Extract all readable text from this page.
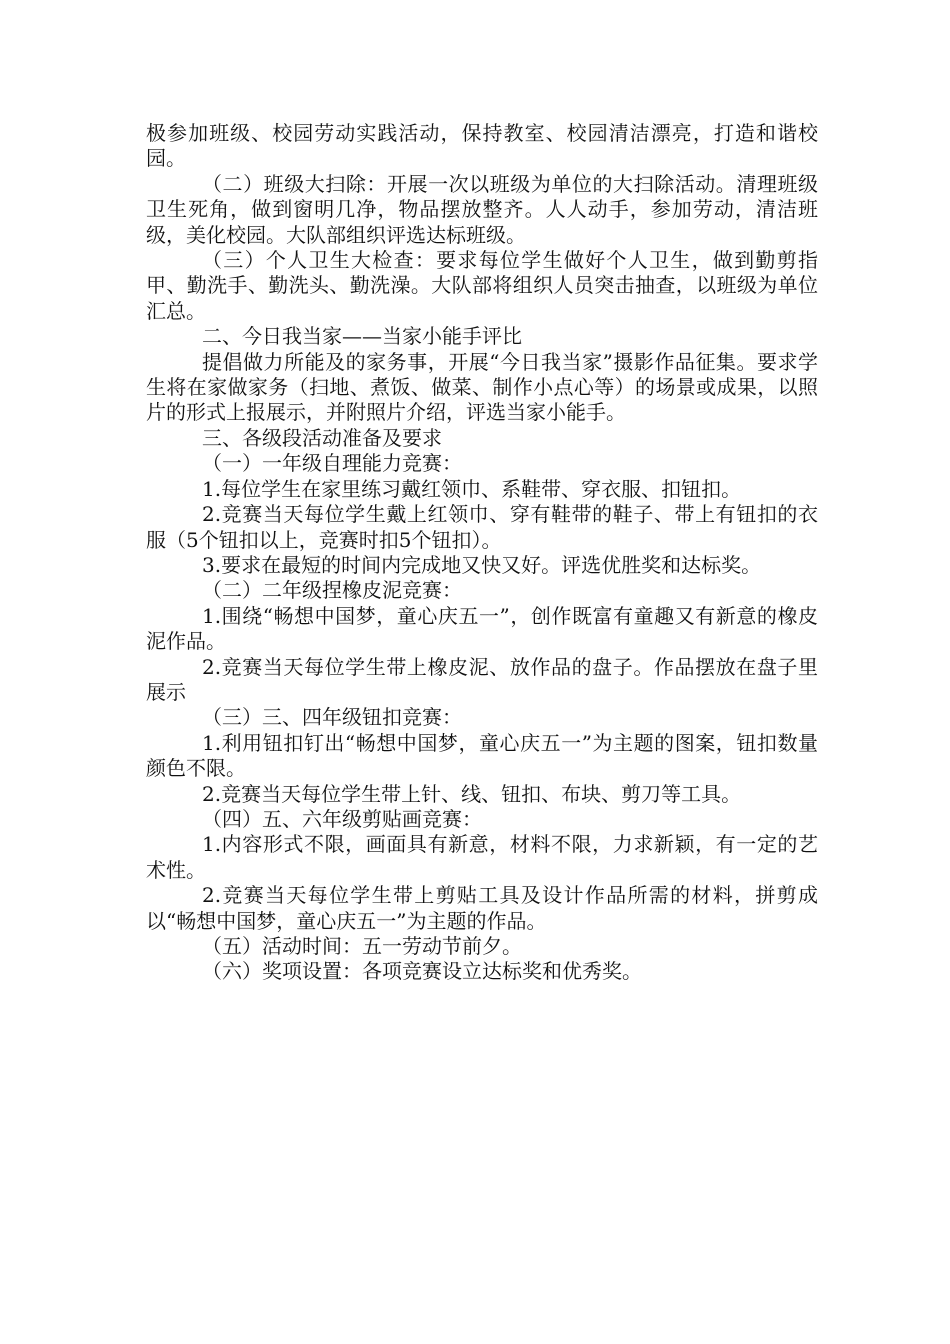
极参加班级、校园劳动实践活动，保持教室、校园清洁漂亮，打造和谐校园。

（二）班级大扫除：开展一次以班级为单位的大扫除活动。清理班级卫生死角，做到窗明几净，物品摆放整齐。人人动手，参加劳动，清洁班级，美化校园。大队部组织评选达标班级。

（三）个人卫生大检查：要求每位学生做好个人卫生，做到勤剪指甲、勤洗手、勤洗头、勤洗澡。大队部将组织人员突击抽查，以班级为单位汇总。

二、今日我当家——当家小能手评比

提倡做力所能及的家务事，开展“今日我当家”摄影作品征集。要求学生将在家做家务（扫地、煮饭、做菜、制作小点心等）的场景或成果，以照片的形式上报展示，并附照片介绍，评选当家小能手。

三、各级段活动准备及要求

（一）一年级自理能力竞赛：

1.每位学生在家里练习戴红领巾、系鞋带、穿衣服、扣钮扣。

2.竞赛当天每位学生戴上红领巾、穿有鞋带的鞋子、带上有钮扣的衣服（5个钮扣以上，竞赛时扣5个钮扣）。

3.要求在最短的时间内完成地又快又好。评选优胜奖和达标奖。

（二）二年级捏橡皮泥竞赛：

1.围绕“畅想中国梦，童心庆五一”，创作既富有童趣又有新意的橡皮泥作品。

2.竞赛当天每位学生带上橡皮泥、放作品的盘子。作品摆放在盘子里展示

（三）三、四年级钮扣竞赛：

1.利用钮扣钉出“畅想中国梦，童心庆五一”为主题的图案，钮扣数量颜色不限。

2.竞赛当天每位学生带上针、线、钮扣、布块、剪刀等工具。

（四）五、六年级剪贴画竞赛：

1.内容形式不限，画面具有新意，材料不限，力求新颖，有一定的艺术性。

2.竞赛当天每位学生带上剪贴工具及设计作品所需的材料，拼剪成以“畅想中国梦，童心庆五一”为主题的作品。

（五）活动时间：五一劳动节前夕。

（六）奖项设置：各项竞赛设立达标奖和优秀奖。
